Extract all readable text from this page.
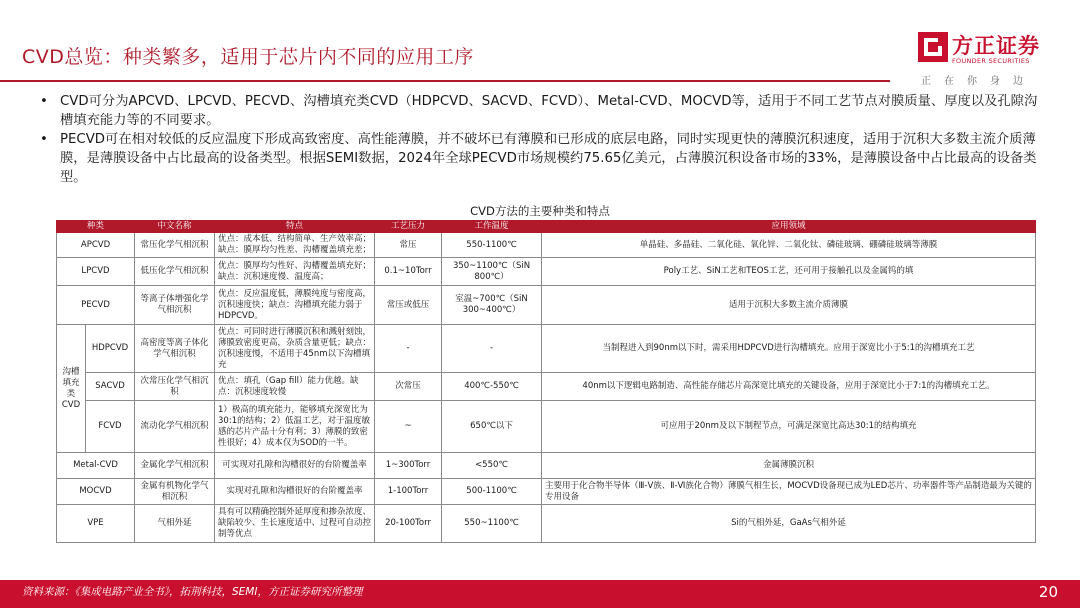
CVD总览：种类繁多，适用于芯片内不同的应用工序	方正证券
FOUNDER SECURITIES
正在你身边
• CVD可分为APCVD、LPCVD、PECVD、沟槽填充类CVD（HDPCVD、SACVD、FCVD）、Metal-CVD、MOCVD等，适用于不同工艺节点对膜质量、厚度以及孔隙沟槽填充能力等的不同要求。
• PECVD可在相对较低的反应温度下形成高致密度、高性能薄膜，并不破坏已有薄膜和已形成的底层电路，同时实现更快的薄膜沉积速度，适用于沉积大多数主流介质薄膜，是薄膜设备中占比最高的设备类型。根据SEMI数据，2024年全球PECVD市场规模约75.65亿美元，占薄膜沉积设备市场的33%，是薄膜设备中占比最高的设备类型。
CVD方法的主要种类和特点
种类		中文名称	特点	工艺压力	工作温度	应用领域
APCVD		常压化学气相沉积	优点：成本低、结构简单、生产效率高；缺点：膜厚均匀性差、沟槽覆盖填充差；	常压	550-1100℃	单晶硅、多晶硅、二氧化硅、氧化锌、二氧化钛、磷硅玻璃、硼磷硅玻璃等薄膜
LPCVD		低压化学气相沉积	优点：膜厚均匀性好、沟槽覆盖填充好；缺点：沉积速度慢、温度高；	0.1~10Torr	350~1100℃（SiN 800℃）	Poly工艺、SiN工艺和TEOS工艺，还可用于接触孔以及金属钨的填
PECVD		等离子体增强化学气相沉积	优点：反应温度低，薄膜纯度与密度高，沉积速度快；缺点：沟槽填充能力弱于HDPCVD。	常压或低压	室温~700℃（SiN 300~400℃）	适用于沉积大多数主流介质薄膜
沟槽填充类CVD	HDPCVD	高密度等离子体化学气相沉积	优点：可同时进行薄膜沉积和溅射刻蚀，薄膜致密度更高，杂质含量更低；缺点：沉积速度慢，不适用于45nm以下沟槽填充	-	-	当制程进入到90nm以下时，需采用HDPCVD进行沟槽填充。应用于深宽比小于5:1的沟槽填充工艺
	SACVD	次常压化学气相沉积	优点：填孔（Gap fill）能力优越。缺点：沉积速度较慢	次常压	400℃-550℃	40nm以下逻辑电路制造、高性能存储芯片高深宽比填充的关键设备，应用于深宽比小于7:1的沟槽填充工艺。
	FCVD	流动化学气相沉积	1）极高的填充能力，能够填充深宽比为30:1的结构；2）低温工艺，对于温度敏感的芯片产品十分有利；3）薄膜的致密性很好；4）成本仅为SOD的一半。	~	650℃以下	可应用于20nm及以下制程节点，可满足深宽比高达30:1的结构填充
Metal-CVD		金属化学气相沉积	可实现对孔隙和沟槽很好的台阶覆盖率	1~300Torr	<550℃	金属薄膜沉积
MOCVD		金属有机物化学气相沉积	实现对孔隙和沟槽很好的台阶覆盖率	1-100Torr	500-1100℃	主要用于化合物半导体（Ⅲ-Ⅴ族、Ⅱ-Ⅵ族化合物）薄膜气相生长，MOCVD设备现已成为LED芯片、功率器件等产品制造最为关键的专用设备
VPE		气相外延	具有可以精确控制外延厚度和掺杂浓度、缺陷较少、生长速度适中、过程可自动控制等优点	20-100Torr	550~1100℃	Si的气相外延，GaAs气相外延
资料来源：《集成电路产业全书》，拓荆科技，SEMI，方正证券研究所整理	20
